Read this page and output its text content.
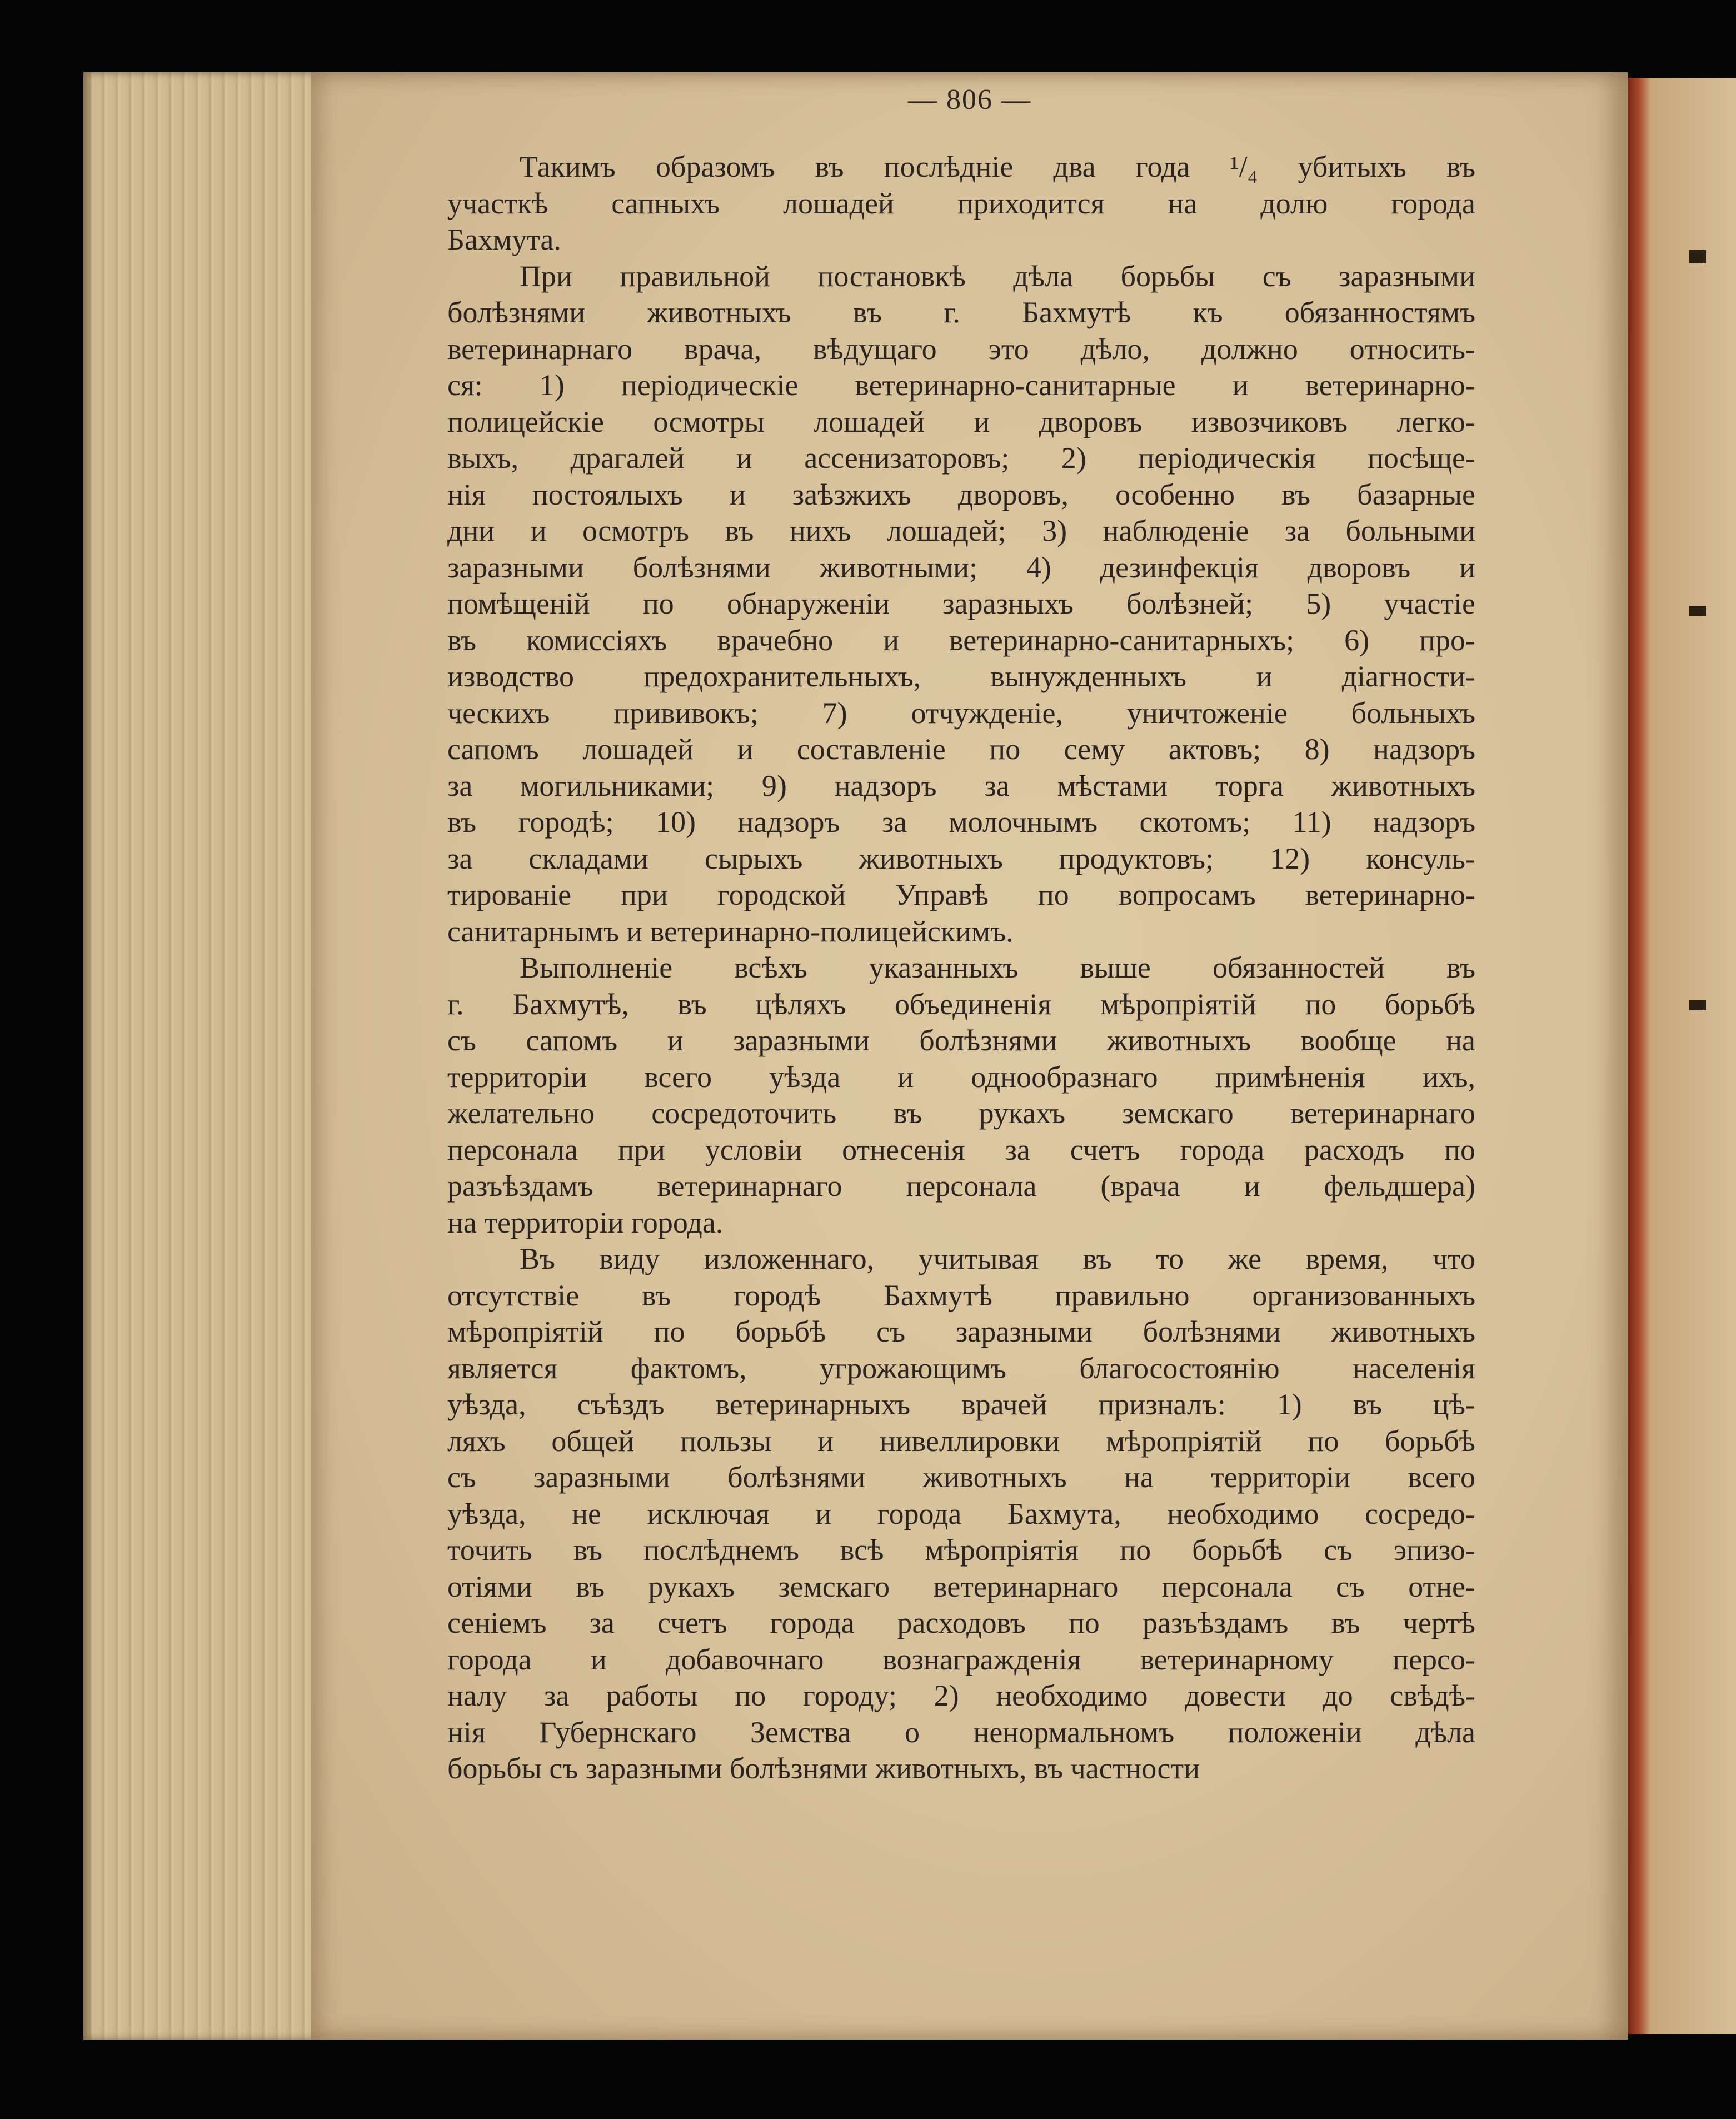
— 806 —
Такимъ образомъ въ послѣдніе два года ¹/₄ убитыхъ въ
участкѣ сапныхъ лошадей приходится на долю города
Бахмута.
При правильной постановкѣ дѣла борьбы съ заразными
болѣзнями животныхъ въ г. Бахмутѣ къ обязанностямъ
ветеринарнаго врача, вѣдущаго это дѣло, должно относить-
ся: 1) періодическіе ветеринарно-санитарные и ветеринарно-
полицейскіе осмотры лошадей и дворовъ извозчиковъ легко-
выхъ, драгалей и ассенизаторовъ; 2) періодическія посѣще-
нія постоялыхъ и заѣзжихъ дворовъ, особенно въ базарные
дни и осмотръ въ нихъ лошадей; 3) наблюденіе за больными
заразными болѣзнями животными; 4) дезинфекція дворовъ и
помѣщеній по обнаруженіи заразныхъ болѣзней; 5) участіе
въ комиссіяхъ врачебно и ветеринарно-санитарныхъ; 6) про-
изводство предохранительныхъ, вынужденныхъ и діагности-
ческихъ прививокъ; 7) отчужденіе, уничтоженіе больныхъ
сапомъ лошадей и составленіе по сему актовъ; 8) надзоръ
за могильниками; 9) надзоръ за мѣстами торга животныхъ
въ городѣ; 10) надзоръ за молочнымъ скотомъ; 11) надзоръ
за складами сырыхъ животныхъ продуктовъ; 12) консуль-
тированіе при городской Управѣ по вопросамъ ветеринарно-
санитарнымъ и ветеринарно-полицейскимъ.
Выполненіе всѣхъ указанныхъ выше обязанностей въ
г. Бахмутѣ, въ цѣляхъ объединенія мѣропріятій по борьбѣ
съ сапомъ и заразными болѣзнями животныхъ вообще на
территоріи всего уѣзда и однообразнаго примѣненія ихъ,
желательно сосредоточить въ рукахъ земскаго ветеринарнаго
персонала при условіи отнесенія за счетъ города расходъ по
разъѣздамъ ветеринарнаго персонала (врача и фельдшера)
на территоріи города.
Въ виду изложеннаго, учитывая въ то же время, что
отсутствіе въ городѣ Бахмутѣ правильно организованныхъ
мѣропріятій по борьбѣ съ заразными болѣзнями животныхъ
является фактомъ, угрожающимъ благосостоянію населенія
уѣзда, съѣздъ ветеринарныхъ врачей призналъ: 1) въ цѣ-
ляхъ общей пользы и нивеллировки мѣропріятій по борьбѣ
съ заразными болѣзнями животныхъ на территоріи всего
уѣзда, не исключая и города Бахмута, необходимо сосредо-
точить въ послѣднемъ всѣ мѣропріятія по борьбѣ съ эпизо-
отіями въ рукахъ земскаго ветеринарнаго персонала съ отне-
сеніемъ за счетъ города расходовъ по разъѣздамъ въ чертѣ
города и добавочнаго вознагражденія ветеринарному персо-
налу за работы по городу; 2) необходимо довести до свѣдѣ-
нія Губернскаго Земства о ненормальномъ положеніи дѣла
борьбы съ заразными болѣзнями животныхъ, въ частности
